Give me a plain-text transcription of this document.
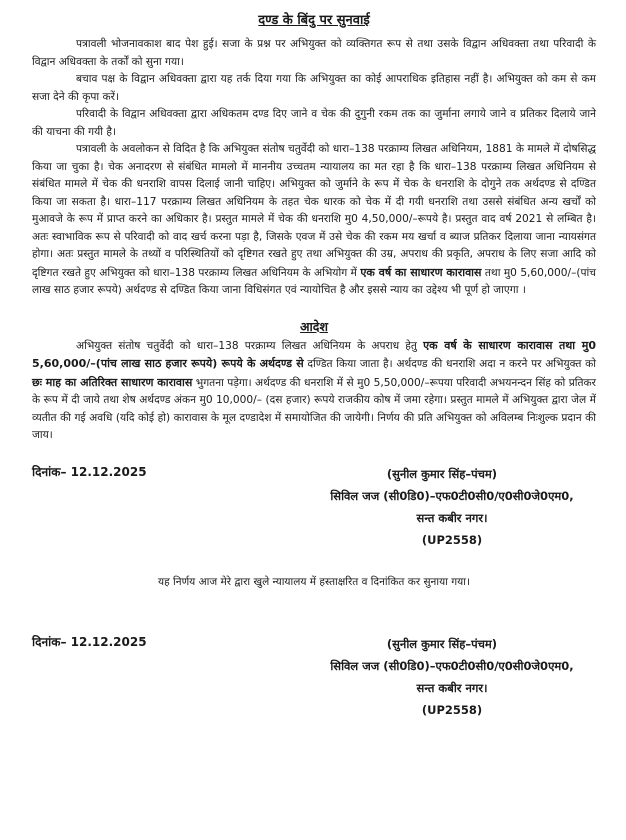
दण्ड के बिंदु पर सुनवाई

पत्रावली भोजनावकाश बाद पेश हुई। सजा के प्रश्न पर अभियुक्त को व्यक्तिगत रूप से तथा उसके विद्वान अधिवक्ता तथा परिवादी के विद्वान अधिवक्ता के तर्कों को सुना गया।

बचाव पक्ष के विद्वान अधिवक्ता द्वारा यह तर्क दिया गया कि अभियुक्त का कोई आपराधिक इतिहास नहीं है। अभियुक्त को कम से कम सजा देने की कृपा करें।

परिवादी के विद्वान अधिवक्ता द्वारा अधिकतम दण्ड दिए जाने व चेक की दुगुनी रकम तक का जुर्माना लगाये जाने व प्रतिकर दिलाये जाने की याचना की गयी है।

पत्रावली के अवलोकन से विदित है कि अभियुक्त संतोष चतुर्वेदी को धारा–138 परक्राम्य लिखत अधिनियम, 1881 के मामले में दोषसिद्ध किया जा चुका है। चेक अनादरण से संबंधित मामलो में माननीय उच्चतम न्यायालय का मत रहा है कि धारा–138 परक्राम्य लिखत अधिनियम से संबंधित मामले में चेक की धनराशि वापस दिलाई जानी चाहिए। अभियुक्त को जुर्माने के रूप में चेक के धनराशि के दोगुने तक अर्थदण्ड से दण्डित किया जा सकता है। धारा–117 परक्राम्य लिखत अधिनियम के तहत चेक धारक को चेक में दी गयी धनराशि तथा उससे संबंधित अन्य खर्चों को मुआवजे के रूप में प्राप्त करने का अधिकार है। प्रस्तुत मामले में चेक की धनराशि मु0 4,50,000/–रूपये है। प्रस्तुत वाद वर्ष 2021 से लम्बित है। अतः स्वाभाविक रूप से परिवादी को वाद खर्च करना पड़ा है, जिसके एवज में उसे चेक की रकम मय खर्चा व ब्याज प्रतिकर दिलाया जाना न्यायसंगत होगा। अतः प्रस्तुत मामले के तथ्यों व परिस्थितियों को दृष्टिगत रखते हुए तथा अभियुक्त की उम्र, अपराध की प्रकृति, अपराध के लिए सजा आदि को दृष्टिगत रखते हुए अभियुक्त को धारा–138 परक्राम्य लिखत अधिनियम के अभियोग में एक वर्ष का साधारण कारावास तथा मु0 5,60,000/–(पांच लाख साठ हजार रूपये) अर्थदण्ड से दण्डित किया जाना विधिसंगत एवं न्यायोचित है और इससे न्याय का उद्देश्य भी पूर्ण हो जाएगा ।

आदेश

अभियुक्त संतोष चतुर्वेदी को धारा–138 परक्राम्य लिखत अधिनियम के अपराध हेतु एक वर्ष के साधारण कारावास तथा मु0 5,60,000/–(पांच लाख साठ हजार रूपये) रूपये के अर्थदण्ड से दण्डित किया जाता है। अर्थदण्ड की धनराशि अदा न करने पर अभियुक्त को छः माह का अतिरिक्त साधारण कारावास भुगतना पड़ेगा। अर्थदण्ड की धनराशि में से मु0 5,50,000/–रूपया परिवादी अभयनन्दन सिंह को प्रतिकर के रूप में दी जाये तथा शेष अर्थदण्ड अंकन मु0 10,000/– (दस हजार) रूपये राजकीय कोष में जमा रहेगा। प्रस्तुत मामले में अभियुक्त द्वारा जेल में व्यतीत की गई अवधि (यदि कोई हो) कारावास के मूल दण्डादेश में समायोजित की जायेगी। निर्णय की प्रति अभियुक्त को अविलम्ब निःशुल्क प्रदान की जाय।

दिनांक– 12.12.2025	(सुनील कुमार सिंह–पंचम)
सिविल जज (सी0डि0)–एफ0टी0सी0/ए0सी0जे0एम0,
सन्त कबीर नगर।
(UP2558)

यह निर्णय आज मेरे द्वारा खुले न्यायालय में हस्ताक्षरित व दिनांकित कर सुनाया गया।

दिनांक– 12.12.2025	(सुनील कुमार सिंह–पंचम)
सिविल जज (सी0डि0)–एफ0टी0सी0/ए0सी0जे0एम0,
सन्त कबीर नगर।
(UP2558)
